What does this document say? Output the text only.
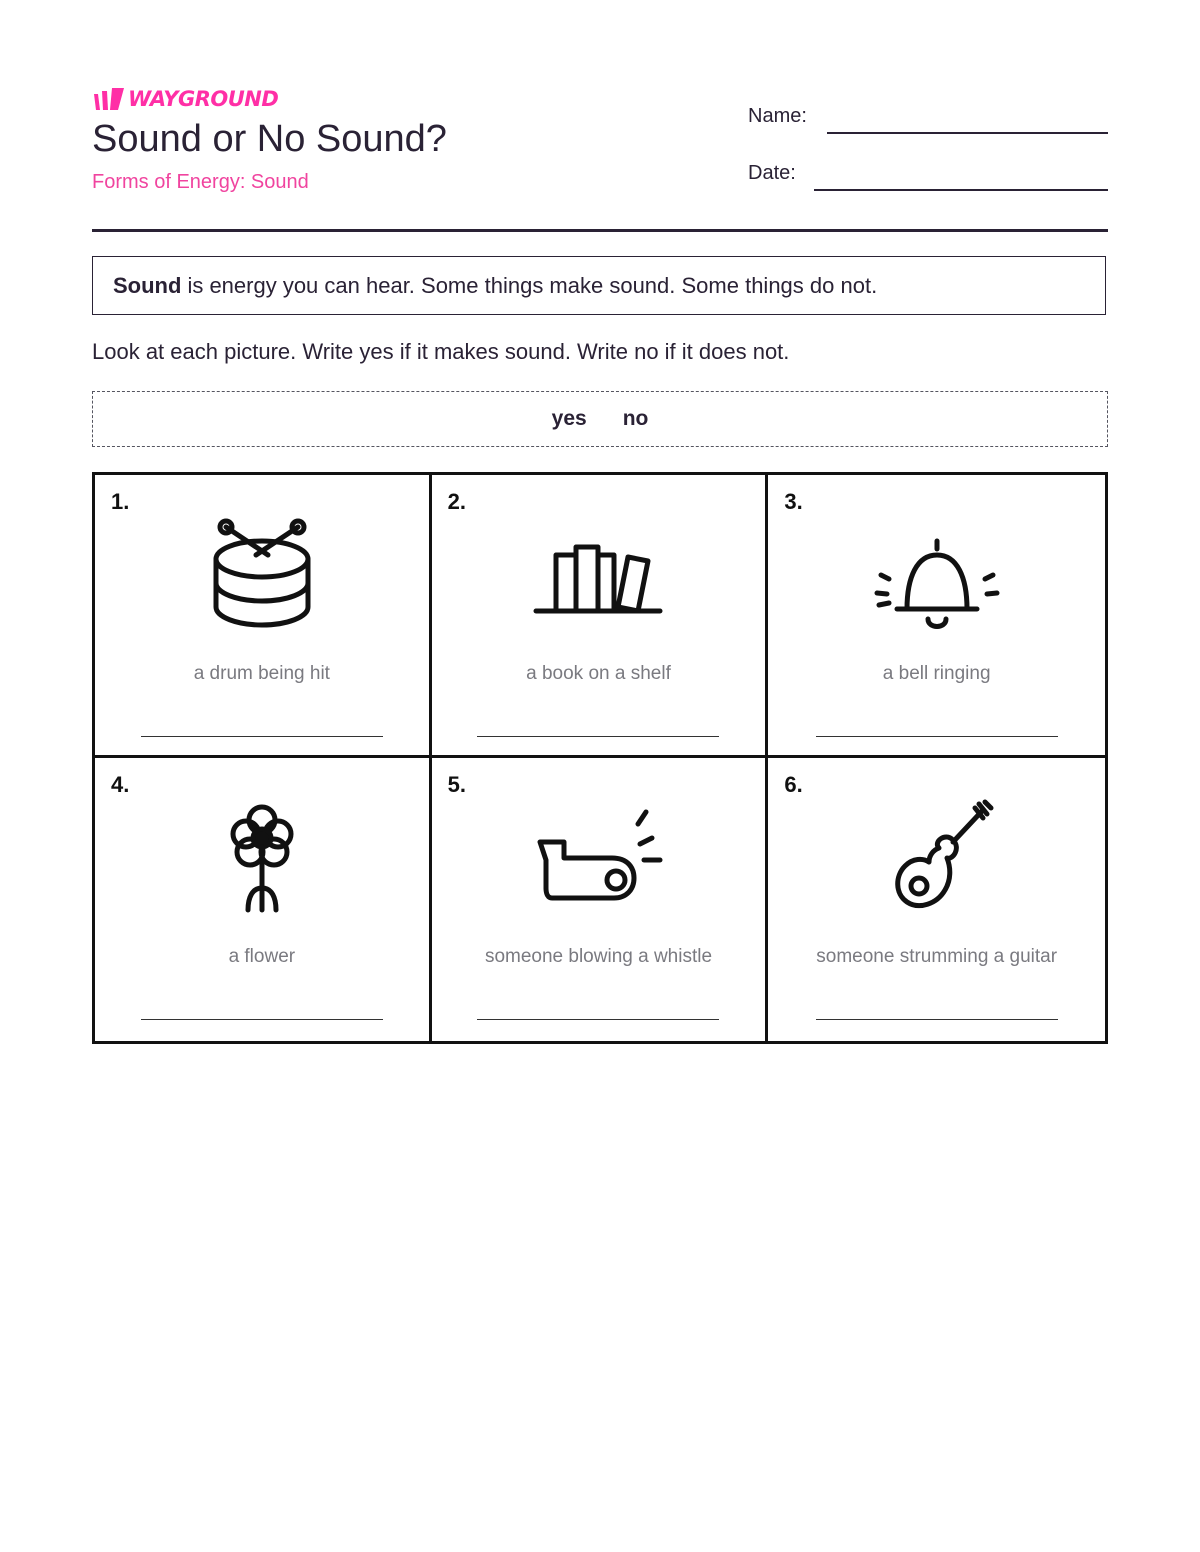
WAYGROUND
Sound or No Sound?
Forms of Energy: Sound
Name:
Date:
Sound is energy you can hear. Some things make sound. Some things do not.
Look at each picture. Write yes if it makes sound. Write no if it does not.
yes no
1.
a drum being hit
2.
a book on a shelf
3.
a bell ringing
4.
a flower
5.
someone blowing a whistle
6.
someone strumming a guitar
